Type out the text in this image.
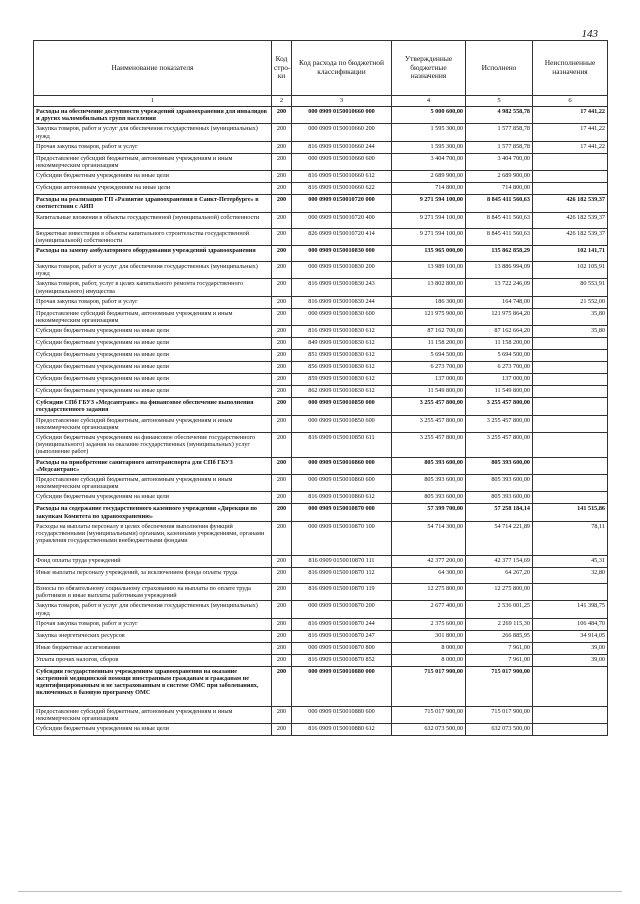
143
Наименование показателя	Код стро-ки	Код расхода по бюджетной классификации	Утвержденные бюджетные назначения	Исполнено	Неисполненные назначения
1	2	3	4	5	6
Расходы на обеспечение доступности учреждений здравоохранения для инвалидов и других маломобильных групп населения	200	000 0909 0150010660 000	5 000 600,00	4 982 558,78	17 441,22
Закупка товаров, работ и услуг для обеспечения государственных (муниципальных) нужд	200	000 0909 0150010660 200	1 595 300,00	1 577 858,78	17 441,22
Прочая закупка товаров, работ и услуг	200	816 0909 0150010660 244	1 595 300,00	1 577 858,78	17 441,22
Предоставление субсидий бюджетным, автономным учреждениям и иным некоммерческим организациям	200	000 0909 0150010660 600	3 404 700,00	3 404 700,00	
Субсидии бюджетным учреждениям на иные цели	200	816 0909 0150010660 612	2 689 900,00	2 689 900,00	
Субсидии автономным учреждениям на иные цели	200	816 0909 0150010660 622	714 800,00	714 800,00	
Расходы на реализацию ГП «Развитие здравоохранения в Санкт-Петербурге» в соответствии с АИП	200	000 0909 0150010720 000	9 271 594 100,00	8 845 411 560,63	426 182 539,37
Капитальные вложения в объекты государственной (муниципальной) собственности	200	000 0909 0150010720 400	9 271 594 100,00	8 845 411 560,63	426 182 539,37
Бюджетные инвестиции в объекты капитального строительства государственной (муниципальной) собственности	200	826 0909 0150010720 414	9 271 594 100,00	8 845 411 560,63	426 182 539,37
Расходы на замену амбулаторного оборудования учреждений здравоохранения	200	000 0909 0150010830 000	135 965 000,00	135 862 858,29	102 141,71
Закупка товаров, работ и услуг для обеспечения государственных (муниципальных) нужд	200	000 0909 0150010830 200	13 989 100,00	13 886 994,09	102 105,91
Закупка товаров, работ, услуг в целях капитального ремонта государственного (муниципального) имущества	200	816 0909 0150010830 243	13 802 800,00	13 722 246,09	80 553,91
Прочая закупка товаров, работ и услуг	200	816 0909 0150010830 244	186 300,00	164 748,00	21 552,00
Предоставление субсидий бюджетным, автономным учреждениям и иным некоммерческим организациям	200	000 0909 0150010830 600	121 975 900,00	121 975 864,20	35,80
Субсидии бюджетным учреждениям на иные цели	200	816 0909 0150010830 612	87 162 700,00	87 162 664,20	35,80
Субсидии бюджетным учреждениям на иные цели	200	849 0909 0150010830 612	11 158 200,00	11 158 200,00	
Субсидии бюджетным учреждениям на иные цели	200	851 0909 0150010830 612	5 694 500,00	5 694 500,00	
Субсидии бюджетным учреждениям на иные цели	200	856 0909 0150010830 612	6 273 700,00	6 273 700,00	
Субсидии бюджетным учреждениям на иные цели	200	859 0909 0150010830 612	137 000,00	137 000,00	
Субсидии бюджетным учреждениям на иные цели	200	862 0909 0150010830 612	11 549 800,00	11 549 800,00	
Субсидии СПб ГБУЗ «Медсантранс» на финансовое обеспечение выполнения государственного задания	200	000 0909 0150010850 000	3 255 457 800,00	3 255 457 800,00	
Предоставление субсидий бюджетным, автономным учреждениям и иным некоммерческим организациям	200	000 0909 0150010850 600	3 255 457 800,00	3 255 457 800,00	
Субсидии бюджетным учреждениям на финансовое обеспечение государственного (муниципального) задания на оказание государственных (муниципальных) услуг (выполнение работ)	200	816 0909 0150010850 611	3 255 457 800,00	3 255 457 800,00	
Расходы на приобретение санитарного автотранспорта для СПб ГБУЗ «Медсантранс»	200	000 0909 0150010860 000	805 393 600,00	805 393 600,00	
Предоставление субсидий бюджетным, автономным учреждениям и иным некоммерческим организациям	200	000 0909 0150010860 600	805 393 600,00	805 393 600,00	
Субсидии бюджетным учреждениям на иные цели	200	816 0909 0150010860 612	805 393 600,00	805 393 600,00	
Расходы на содержание государственного казенного учреждения «Дирекция по закупкам Комитета по здравоохранению»	200	000 0909 0150010870 000	57 399 700,00	57 258 184,14	141 515,86
Расходы на выплаты персоналу в целях обеспечения выполнения функций государственными (муниципальными) органами, казенными учреждениями, органами управления государственными внебюджетными фондами	200	000 0909 0150010870 100	54 714 300,00	54 714 221,89	78,11
Фонд оплаты труда учреждений	200	816 0909 0150010870 111	42 377 200,00	42 377 154,69	45,31
Иные выплаты персоналу учреждений, за исключением фонда оплаты труда	200	816 0909 0150010870 112	64 300,00	64 267,20	32,80
Взносы по обязательному социальному страхованию на выплаты по оплате труда работников и иные выплаты работникам учреждений	200	816 0909 0150010870 119	12 275 800,00	12 275 800,00	
Закупка товаров, работ и услуг для обеспечения государственных (муниципальных) нужд	200	000 0909 0150010870 200	2 677 400,00	2 536 001,25	141 398,75
Прочая закупка товаров, работ и услуг	200	816 0909 0150010870 244	2 375 600,00	2 269 115,30	106 484,70
Закупка энергетических ресурсов	200	816 0909 0150010870 247	301 800,00	266 885,95	34 914,05
Иные бюджетные ассигнования	200	000 0909 0150010870 800	8 000,00	7 961,00	39,00
Уплата прочих налогов, сборов	200	816 0909 0150010870 852	8 000,00	7 961,00	39,00
Субсидии государственным учреждениям здравоохранения на оказание экстренной медицинской помощи иностранным гражданам и гражданам не идентифицированным и не застрахованным в системе ОМС при заболеваниях, включенных в базовую программу ОМС	200	000 0909 0150010880 000	715 017 900,00	715 017 900,00	
Предоставление субсидий бюджетным, автономным учреждениям и иным некоммерческим организациям	200	000 0909 0150010880 600	715 017 900,00	715 017 900,00	
Субсидии бюджетным учреждениям на иные цели	200	816 0909 0150010880 612	632 073 500,00	632 073 500,00	
